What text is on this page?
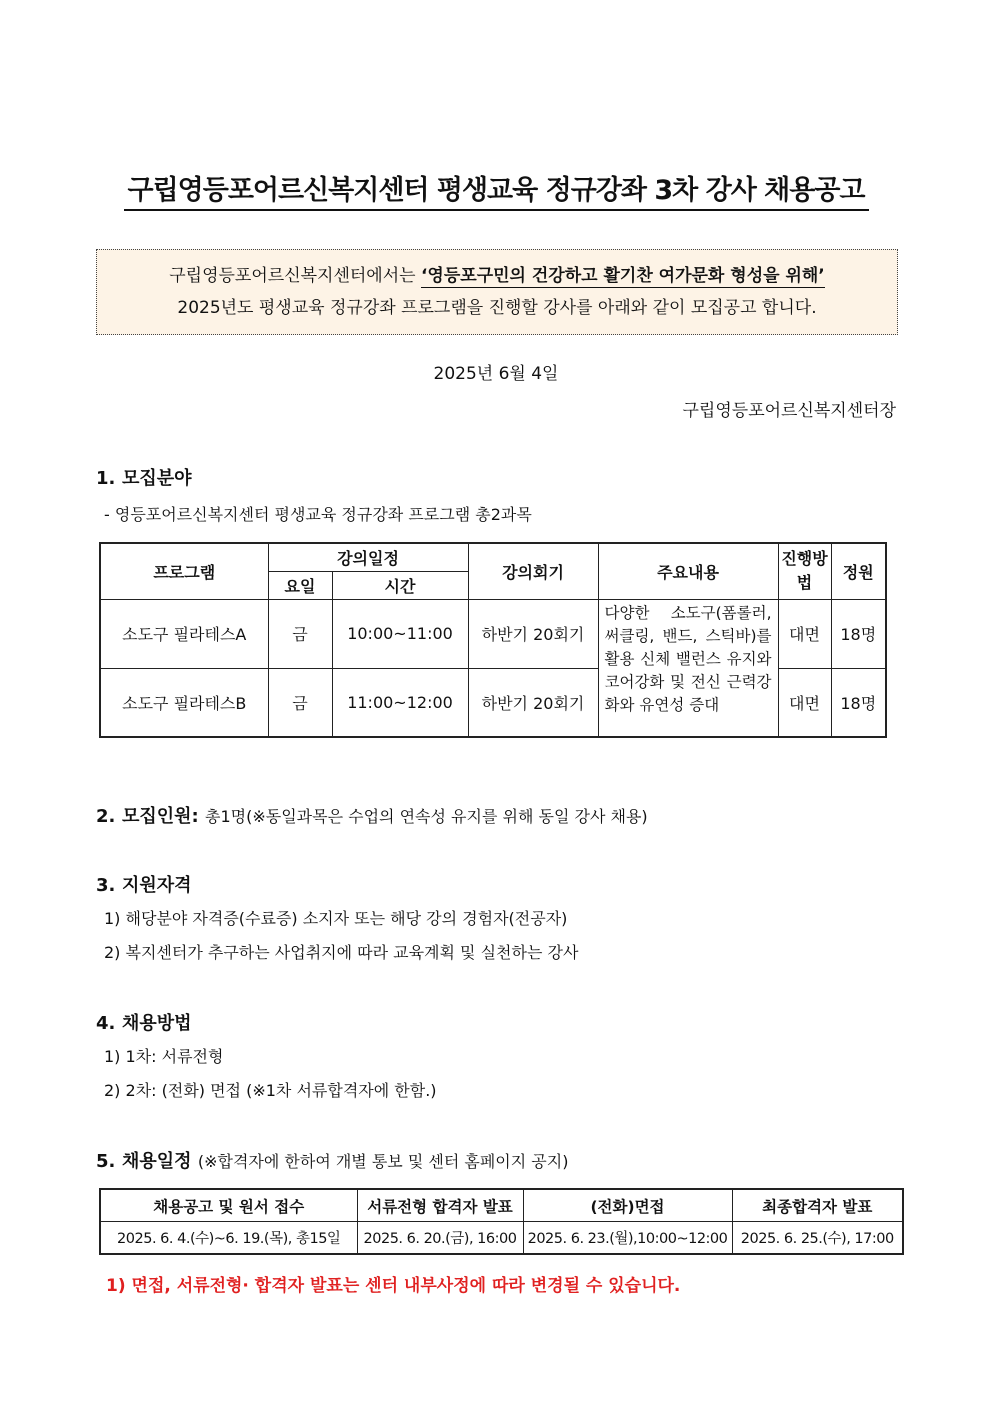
구립영등포어르신복지센터 평생교육 정규강좌 3차 강사 채용공고
구립영등포어르신복지센터에서는 ‘영등포구민의 건강하고 활기찬 여가문화 형성을 위해’
2025년도 평생교육 정규강좌 프로그램을 진행할 강사를 아래와 같이 모집공고 합니다.
2025년 6월 4일
구립영등포어르신복지센터장
1. 모집분야
- 영등포어르신복지센터 평생교육 정규강좌 프로그램 총2과목
프로그램	강의일정		강의회기	주요내용	진행방법	정원
	요일	시간				
소도구 필라테스A	금	10:00~11:00	하반기 20회기	다양한 소도구(폼롤러, 써클링, 밴드, 스틱바)를 활용 신체 밸런스 유지와 코어강화 및 전신 근력강화와 유연성 증대	대면	18명
소도구 필라테스B	금	11:00~12:00	하반기 20회기		대면	18명
2. 모집인원: 총1명(※동일과목은 수업의 연속성 유지를 위해 동일 강사 채용)
3. 지원자격
1) 해당분야 자격증(수료증) 소지자 또는 해당 강의 경험자(전공자)
2) 복지센터가 추구하는 사업취지에 따라 교육계획 및 실천하는 강사
4. 채용방법
1) 1차: 서류전형
2) 2차: (전화) 면접 (※1차 서류합격자에 한함.)
5. 채용일정 (※합격자에 한하여 개별 통보 및 센터 홈페이지 공지)
채용공고 및 원서 접수	서류전형 합격자 발표	(전화)면접	최종합격자 발표
2025. 6. 4.(수)~6. 19.(목), 총15일	2025. 6. 20.(금), 16:00	2025. 6. 23.(월),10:00~12:00	2025. 6. 25.(수), 17:00
1) 면접, 서류전형· 합격자 발표는 센터 내부사정에 따라 변경될 수 있습니다.
